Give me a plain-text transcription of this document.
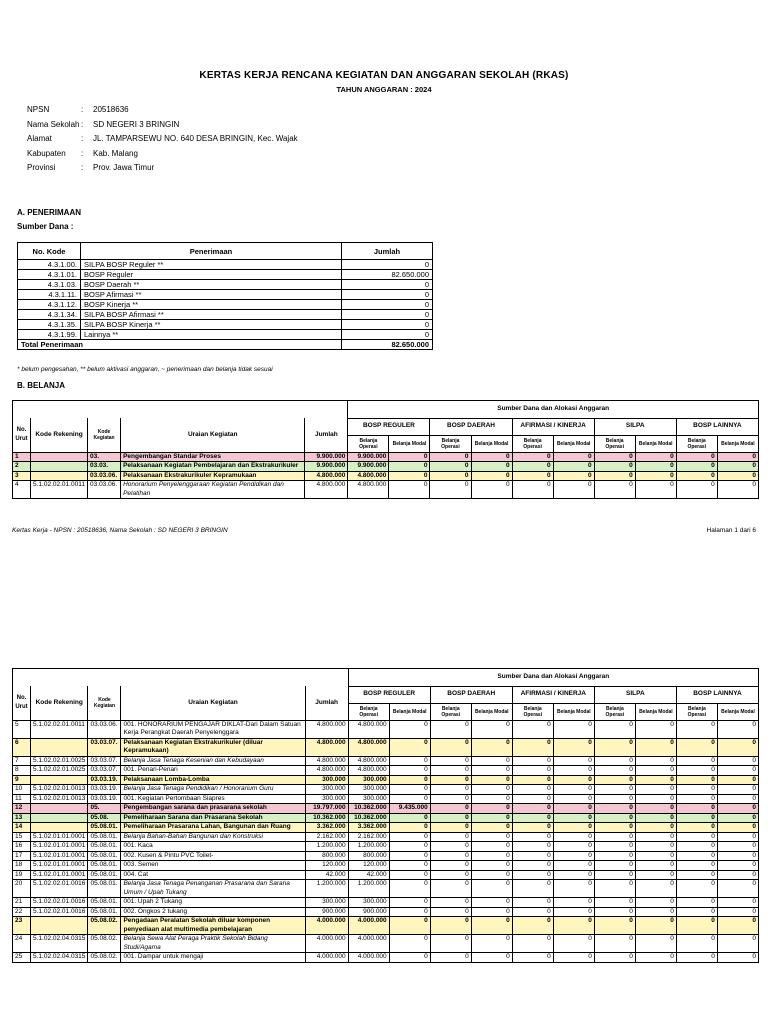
KERTAS KERJA RENCANA KEGIATAN DAN ANGGARAN SEKOLAH (RKAS)
TAHUN ANGGARAN : 2024
NPSN	:	20518636
Nama Sekolah :	SD NEGERI 3 BRINGIN
Alamat	:	JL. TAMPARSEWU NO. 640 DESA BRINGIN, Kec. Wajak
Kabupaten	:	Kab. Malang
Provinsi	:	Prov. Jawa Timur
A. PENERIMAAN
Sumber Dana :
No. Kode	Penerimaan	Jumlah
4.3.1.00.	SILPA BOSP Reguler **	0
4.3.1.01.	BOSP Reguler	82.650.000
4.3.1.03.	BOSP Daerah **	0
4.3.1.11.	BOSP Afirmasi **	0
4.3.1.12.	BOSP Kinerja **	0
4.3.1.34.	SILPA BOSP Afirmasi **	0
4.3.1.35.	SILPA BOSP Kinerja **	0
4.3.1.99.	Lainnya **	0
Total Penerimaan		82.650.000
* belum pengesahan, ** belum aktivasi anggaran, ~ penerimaan dan belanja tidak sesuai
B. BELANJA
					Sumber Dana dan Alokasi Anggaran									
No. Urut	Kode Rekening	Kode Kegiatan	Uraian Kegiatan	Jumlah	BOSP REGULER		BOSP DAERAH		AFIRMASI / KINERJA		SILPA		BOSP LAINNYA	
					Belanja Operasi	Belanja Modal	Belanja Operasi	Belanja Modal	Belanja Operasi	Belanja Modal	Belanja Operasi	Belanja Modal	Belanja Operasi	Belanja Modal
1		03.	Pengembangan Standar Proses	9.900.000	9.900.000	0	0	0	0	0	0	0	0	0
2		03.03.	Pelaksanaan Kegiatan Pembelajaran dan Ekstrakurikuler	9.900.000	9.900.000	0	0	0	0	0	0	0	0	0
3		03.03.06.	Pelaksanaan Ekstrakurikuler Kepramukaan	4.800.000	4.800.000	0	0	0	0	0	0	0	0	0
4	5.1.02.02.01.0011	03.03.06.	Honorarium Penyelenggaraan Kegiatan Pendidikan dan Pelatihan	4.800.000	4.800.000	0	0	0	0	0	0	0	0	0
Kertas Kerja - NPSN : 20518636, Nama Sekolah : SD NEGERI 3 BRINGIN	Halaman 1 dari 6
					Sumber Dana dan Alokasi Anggaran									
No. Urut	Kode Rekening	Kode Kegiatan	Uraian Kegiatan	Jumlah	BOSP REGULER		BOSP DAERAH		AFIRMASI / KINERJA		SILPA		BOSP LAINNYA	
					Belanja Operasi	Belanja Modal	Belanja Operasi	Belanja Modal	Belanja Operasi	Belanja Modal	Belanja Operasi	Belanja Modal	Belanja Operasi	Belanja Modal
5	5.1.02.02.01.0011	03.03.06.	001. HONORARIUM PENGAJAR DIKLAT-Dari Dalam Satuan Kerja Perangkat Daerah Penyelenggara	4.800.000	4.800.000	0	0	0	0	0	0	0	0	0
6		03.03.07.	Pelaksanaan Kegiatan Ekstrakurikuler (diluar Kepramukaan)	4.800.000	4.800.000	0	0	0	0	0	0	0	0	0
7	5.1.02.02.01.0025	03.03.07.	Belanja Jasa Tenaga Kesenian dan Kebudayaan	4.800.000	4.800.000	0	0	0	0	0	0	0	0	0
8	5.1.02.02.01.0025	03.03.07.	001. Penari-Penari	4.800.000	4.800.000	0	0	0	0	0	0	0	0	0
9		03.03.19.	Pelaksanaan Lomba-Lomba	300.000	300.000	0	0	0	0	0	0	0	0	0
10	5.1.02.02.01.0013	03.03.19.	Belanja Jasa Tenaga Pendidikan / Honorarium Guru	300.000	300.000	0	0	0	0	0	0	0	0	0
11	5.1.02.02.01.0013	03.03.19.	001. Kegiatan Pertombaan Siapres	300.000	300.000	0	0	0	0	0	0	0	0	0
12		05.	Pengembangan sarana dan prasarana sekolah	19.797.000	10.362.000	9.435.000	0	0	0	0	0	0	0	0
13		05.08.	Pemeliharaan Sarana dan Prasarana Sekolah	10.362.000	10.362.000	0	0	0	0	0	0	0	0	0
14		05.08.01.	Pemeliharaan Prasarana Lahan, Bangunan dan Ruang	3.362.000	3.362.000	0	0	0	0	0	0	0	0	0
15	5.1.02.01.01.0001	05.08.01.	Belanja Bahan-Bahan Bangunan dan Konstruksi	2.162.000	2.162.000	0	0	0	0	0	0	0	0	0
16	5.1.02.01.01.0001	05.08.01.	001. Kaca	1.200.000	1.200.000	0	0	0	0	0	0	0	0	0
17	5.1.02.01.01.0001	05.08.01.	002. Kusen & Pintu PVC Toilet-	800.000	800.000	0	0	0	0	0	0	0	0	0
18	5.1.02.01.01.0001	05.08.01.	003. Semen	120.000	120.000	0	0	0	0	0	0	0	0	0
19	5.1.02.01.01.0001	05.08.01.	004. Cat	42.000	42.000	0	0	0	0	0	0	0	0	0
20	5.1.02.02.01.0016	05.08.01.	Belanja Jasa Tenaga Penanganan Prasarana dan Sarana Umum / Upah Tukang	1.200.000	1.200.000	0	0	0	0	0	0	0	0	0
21	5.1.02.02.01.0016	05.08.01.	001. Upah 2 Tukang	300.000	300.000	0	0	0	0	0	0	0	0	0
22	5.1.02.02.01.0016	05.08.01.	002. Ongkos 2 tukang	900.000	900.000	0	0	0	0	0	0	0	0	0
23		05.08.02.	Pengadaan Peralatan Sekolah diluar komponen penyediaan alat multimedia pembelajaran	4.000.000	4.000.000	0	0	0	0	0	0	0	0	0
24	5.1.02.02.04.0315	05.08.02.	Belanja Sewa Alat Peraga Praktik Sekolah Bidang Studi/Agama	4.000.000	4.000.000	0	0	0	0	0	0	0	0	0
25	5.1.02.02.04.0315	05.08.02.	001. Dampar untuk mengaji	4.000.000	4.000.000	0	0	0	0	0	0	0	0	0
